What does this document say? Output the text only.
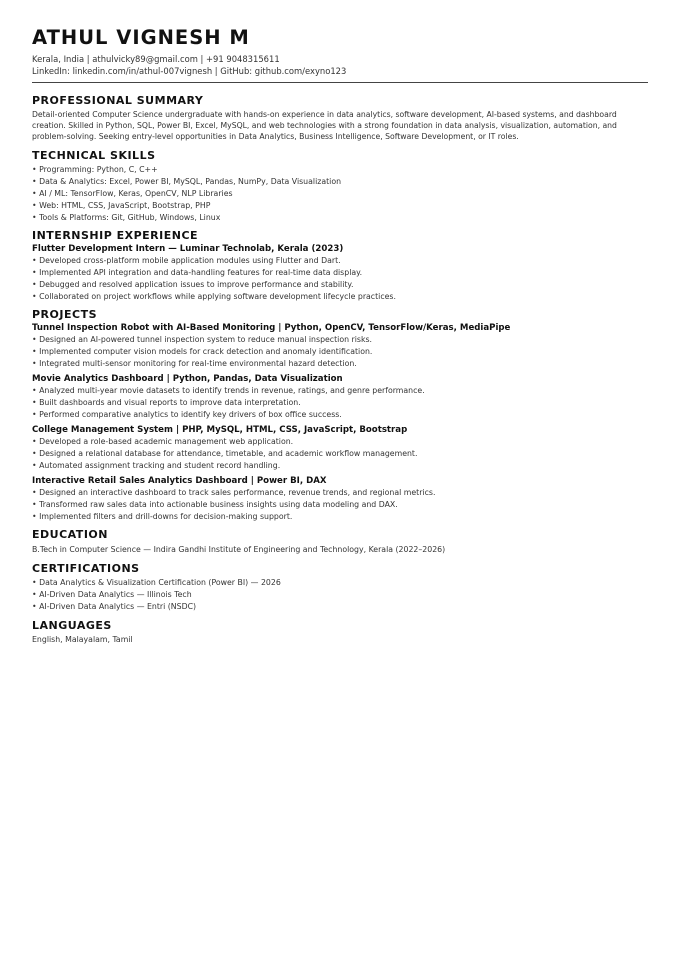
ATHUL VIGNESH M
Kerala, India | athulvicky89@gmail.com | +91 9048315611
LinkedIn: linkedin.com/in/athul-007vignesh | GitHub: github.com/exyno123
PROFESSIONAL SUMMARY

Detail-oriented Computer Science undergraduate with hands-on experience in data analytics, software development, AI-based systems, and dashboard creation. Skilled in Python, SQL, Power BI, Excel, MySQL, and web technologies with a strong foundation in data analysis, visualization, automation, and problem-solving. Seeking entry-level opportunities in Data Analytics, Business Intelligence, Software Development, or IT roles.

TECHNICAL SKILLS
• Programming: Python, C, C++
• Data & Analytics: Excel, Power BI, MySQL, Pandas, NumPy, Data Visualization
• AI / ML: TensorFlow, Keras, OpenCV, NLP Libraries
• Web: HTML, CSS, JavaScript, Bootstrap, PHP
• Tools & Platforms: Git, GitHub, Windows, Linux
INTERNSHIP EXPERIENCE
Flutter Development Intern — Luminar Technolab, Kerala (2023)
• Developed cross-platform mobile application modules using Flutter and Dart.
• Implemented API integration and data-handling features for real-time data display.
• Debugged and resolved application issues to improve performance and stability.
• Collaborated on project workflows while applying software development lifecycle practices.
PROJECTS
Tunnel Inspection Robot with AI-Based Monitoring | Python, OpenCV, TensorFlow/Keras, MediaPipe
• Designed an AI-powered tunnel inspection system to reduce manual inspection risks.
• Implemented computer vision models for crack detection and anomaly identification.
• Integrated multi-sensor monitoring for real-time environmental hazard detection.
Movie Analytics Dashboard | Python, Pandas, Data Visualization
• Analyzed multi-year movie datasets to identify trends in revenue, ratings, and genre performance.
• Built dashboards and visual reports to improve data interpretation.
• Performed comparative analytics to identify key drivers of box office success.
College Management System | PHP, MySQL, HTML, CSS, JavaScript, Bootstrap
• Developed a role-based academic management web application.
• Designed a relational database for attendance, timetable, and academic workflow management.
• Automated assignment tracking and student record handling.
Interactive Retail Sales Analytics Dashboard | Power BI, DAX
• Designed an interactive dashboard to track sales performance, revenue trends, and regional metrics.
• Transformed raw sales data into actionable business insights using data modeling and DAX.
• Implemented filters and drill-downs for decision-making support.
EDUCATION
B.Tech in Computer Science — Indira Gandhi Institute of Engineering and Technology, Kerala (2022–2026)
CERTIFICATIONS
• Data Analytics & Visualization Certification (Power BI) — 2026
• AI-Driven Data Analytics — Illinois Tech
• AI-Driven Data Analytics — Entri (NSDC)
LANGUAGES
English, Malayalam, Tamil
